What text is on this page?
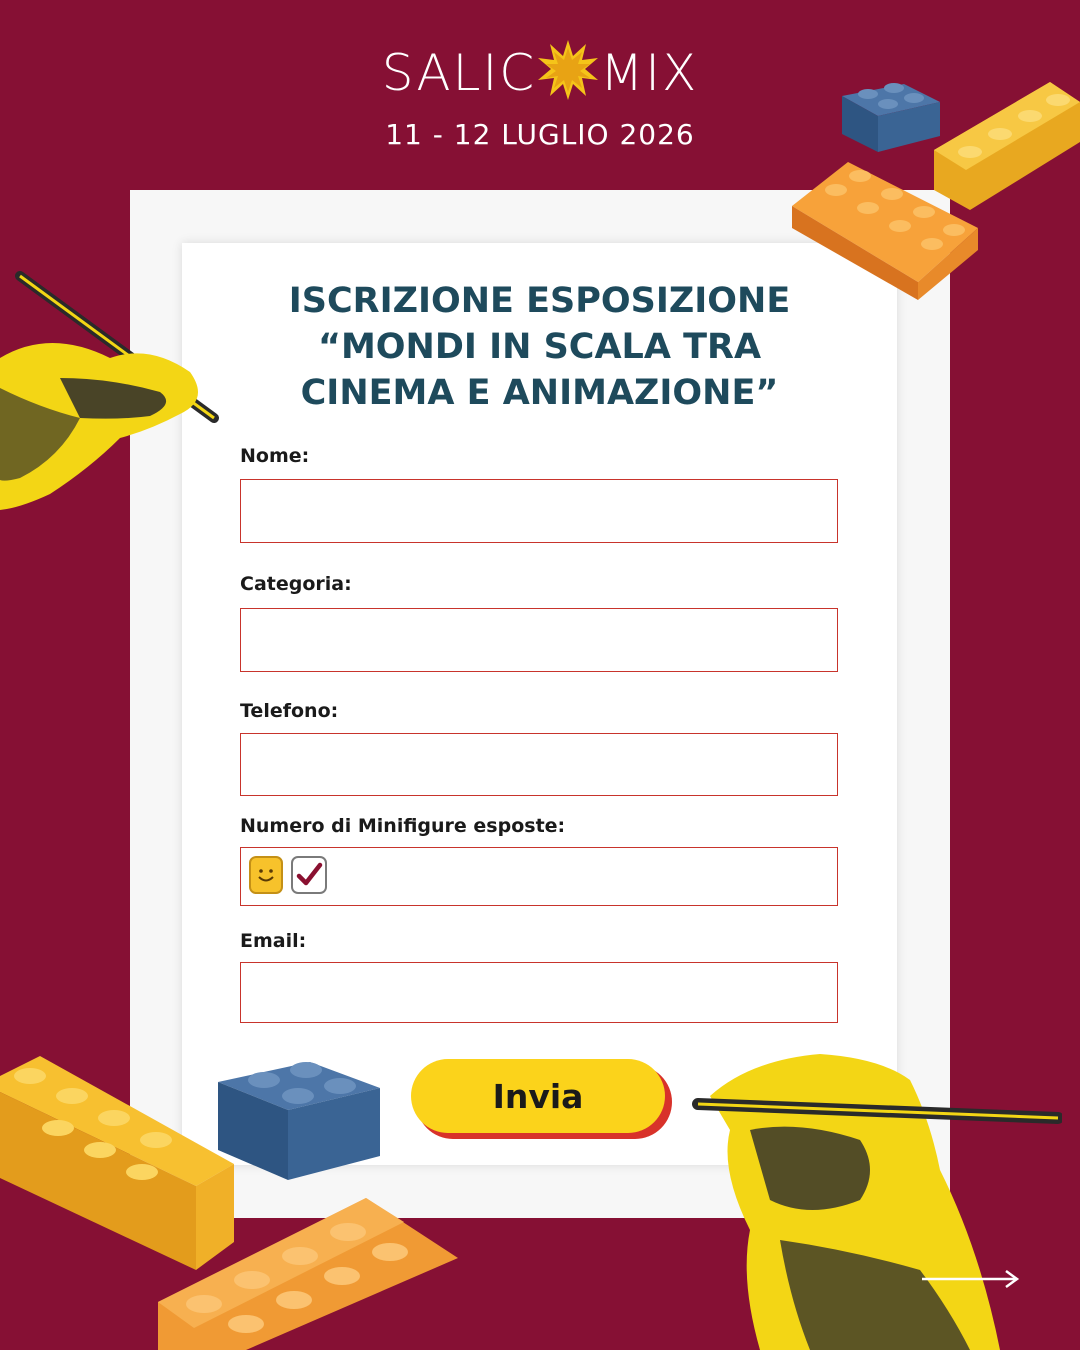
SALIC MIX
11 - 12 LUGLIO 2026
ISCRIZIONE ESPOSIZIONE
“MONDI IN SCALA TRA
CINEMA E ANIMAZIONE”
Nome:
Categoria:
Telefono:
Numero di Minifigure esposte:
Email:
Invia
